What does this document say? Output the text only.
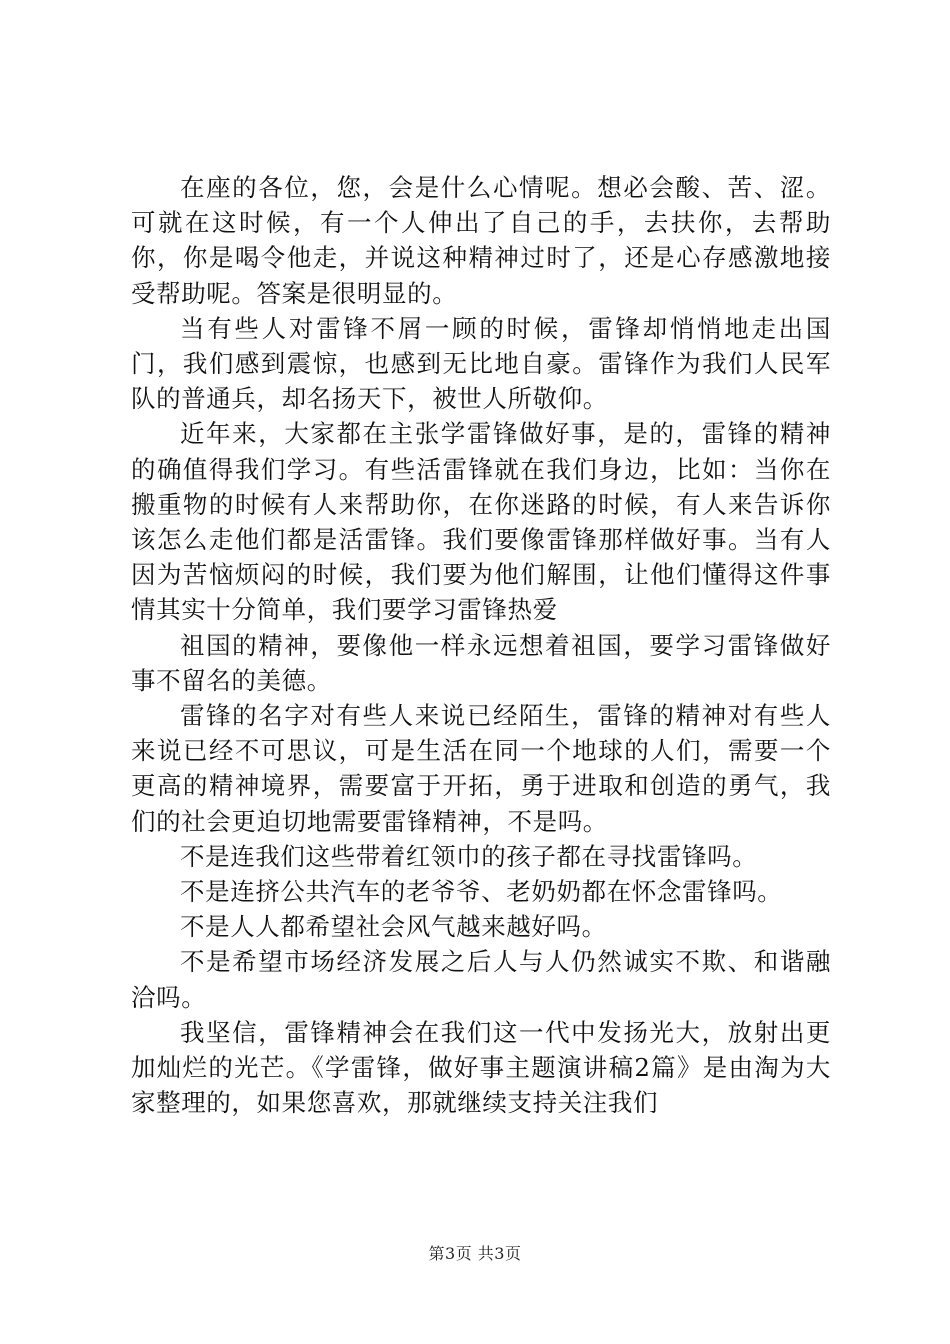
在座的各位，您，会是什么心情呢。想必会酸、苦、涩。可就在这时候，有一个人伸出了自己的手，去扶你，去帮助你，你是喝令他走，并说这种精神过时了，还是心存感激地接受帮助呢。答案是很明显的。

当有些人对雷锋不屑一顾的时候，雷锋却悄悄地走出国门，我们感到震惊，也感到无比地自豪。雷锋作为我们人民军队的普通兵，却名扬天下，被世人所敬仰。

近年来，大家都在主张学雷锋做好事，是的，雷锋的精神的确值得我们学习。有些活雷锋就在我们身边，比如：当你在搬重物的时候有人来帮助你，在你迷路的时候，有人来告诉你该怎么走他们都是活雷锋。我们要像雷锋那样做好事。当有人因为苦恼烦闷的时候，我们要为他们解围，让他们懂得这件事情其实十分简单，我们要学习雷锋热爱

祖国的精神，要像他一样永远想着祖国，要学习雷锋做好事不留名的美德。

雷锋的名字对有些人来说已经陌生，雷锋的精神对有些人来说已经不可思议，可是生活在同一个地球的人们，需要一个更高的精神境界，需要富于开拓，勇于进取和创造的勇气，我们的社会更迫切地需要雷锋精神，不是吗。

不是连我们这些带着红领巾的孩子都在寻找雷锋吗。

不是连挤公共汽车的老爷爷、老奶奶都在怀念雷锋吗。

不是人人都希望社会风气越来越好吗。

不是希望市场经济发展之后人与人仍然诚实不欺、和谐融洽吗。

我坚信，雷锋精神会在我们这一代中发扬光大，放射出更加灿烂的光芒。《学雷锋，做好事主题演讲稿2篇》是由淘为大家整理的，如果您喜欢，那就继续支持关注我们

第3页 共3页
